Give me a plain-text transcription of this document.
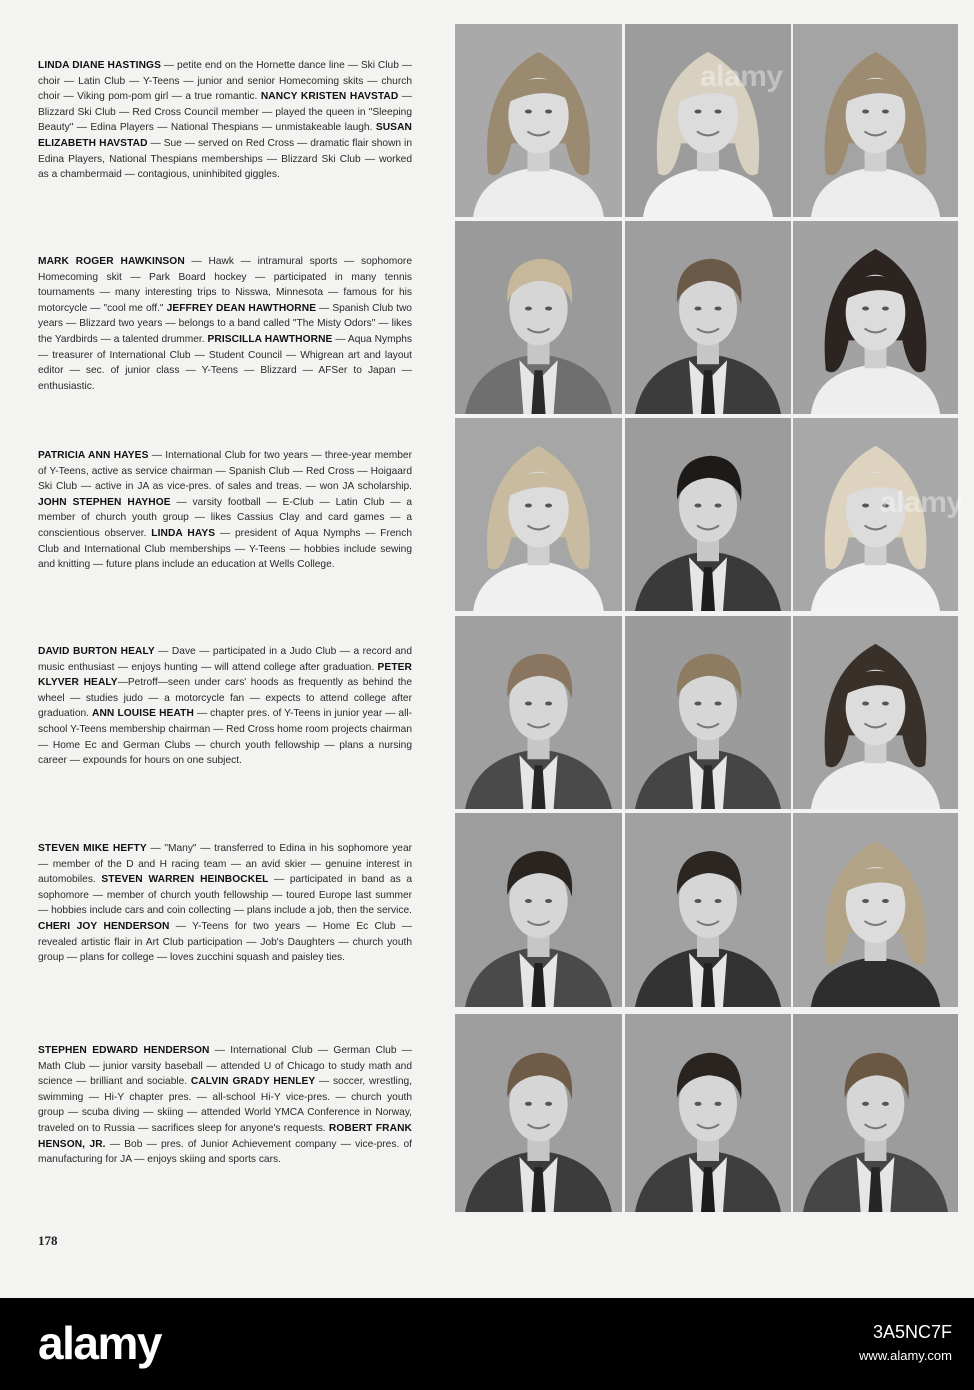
LINDA DIANE HASTINGS — petite end on the Hornette dance line — Ski Club — choir — Latin Club — Y-Teens — junior and senior Homecoming skits — church choir — Viking pom-pom girl — a true romantic. NANCY KRISTEN HAVSTAD — Blizzard Ski Club — Red Cross Council member — played the queen in "Sleeping Beauty" — Edina Players — National Thespians — unmistakeable laugh. SUSAN ELIZABETH HAVSTAD — Sue — served on Red Cross — dramatic flair shown in Edina Players, National Thespians memberships — Blizzard Ski Club — worked as a chambermaid — contagious, uninhibited giggles.
MARK ROGER HAWKINSON — Hawk — intramural sports — sophomore Homecoming skit — Park Board hockey — participated in many tennis tournaments — many interesting trips to Nisswa, Minnesota — famous for his motorcycle — "cool me off." JEFFREY DEAN HAWTHORNE — Spanish Club two years — Blizzard two years — belongs to a band called "The Misty Odors" — likes the Yardbirds — a talented drummer. PRISCILLA HAWTHORNE — Aqua Nymphs — treasurer of International Club — Student Council — Whigrean art and layout editor — sec. of junior class — Y-Teens — Blizzard — AFSer to Japan — enthusiastic.
PATRICIA ANN HAYES — International Club for two years — three-year member of Y-Teens, active as service chairman — Spanish Club — Red Cross — Hoigaard Ski Club — active in JA as vice-pres. of sales and treas. — won JA scholarship. JOHN STEPHEN HAYHOE — varsity football — E-Club — Latin Club — a member of church youth group — likes Cassius Clay and card games — a conscientious observer. LINDA HAYS — president of Aqua Nymphs — French Club and International Club memberships — Y-Teens — hobbies include sewing and knitting — future plans include an education at Wells College.
DAVID BURTON HEALY — Dave — participated in a Judo Club — a record and music enthusiast — enjoys hunting — will attend college after graduation. PETER KLYVER HEALY—Petroff—seen under cars' hoods as frequently as behind the wheel — studies judo — a motorcycle fan — expects to attend college after graduation. ANN LOUISE HEATH — chapter pres. of Y-Teens in junior year — all-school Y-Teens membership chairman — Red Cross home room projects chairman — Home Ec and German Clubs — church youth fellowship — plans a nursing career — expounds for hours on one subject.
STEVEN MIKE HEFTY — "Many" — transferred to Edina in his sophomore year — member of the D and H racing team — an avid skier — genuine interest in automobiles. STEVEN WARREN HEINBOCKEL — participated in band as a sophomore — member of church youth fellowship — toured Europe last summer — hobbies include cars and coin collecting — plans include a job, then the service. CHERI JOY HENDERSON — Y-Teens for two years — Home Ec Club — revealed artistic flair in Art Club participation — Job's Daughters — church youth group — plans for college — loves zucchini squash and paisley ties.
STEPHEN EDWARD HENDERSON — International Club — German Club — Math Club — junior varsity baseball — attended U of Chicago to study math and science — brilliant and sociable. CALVIN GRADY HENLEY — soccer, wrestling, swimming — Hi-Y chapter pres. — all-school Hi-Y vice-pres. — church youth group — scuba diving — skiing — attended World YMCA Conference in Norway, traveled on to Russia — sacrifices sleep for anyone's requests. ROBERT FRANK HENSON, JR. — Bob — pres. of Junior Achievement company — vice-pres. of manufacturing for JA — enjoys skiing and sports cars.
alamy
alamy
178
alamy	3A5NC7F
www.alamy.com
